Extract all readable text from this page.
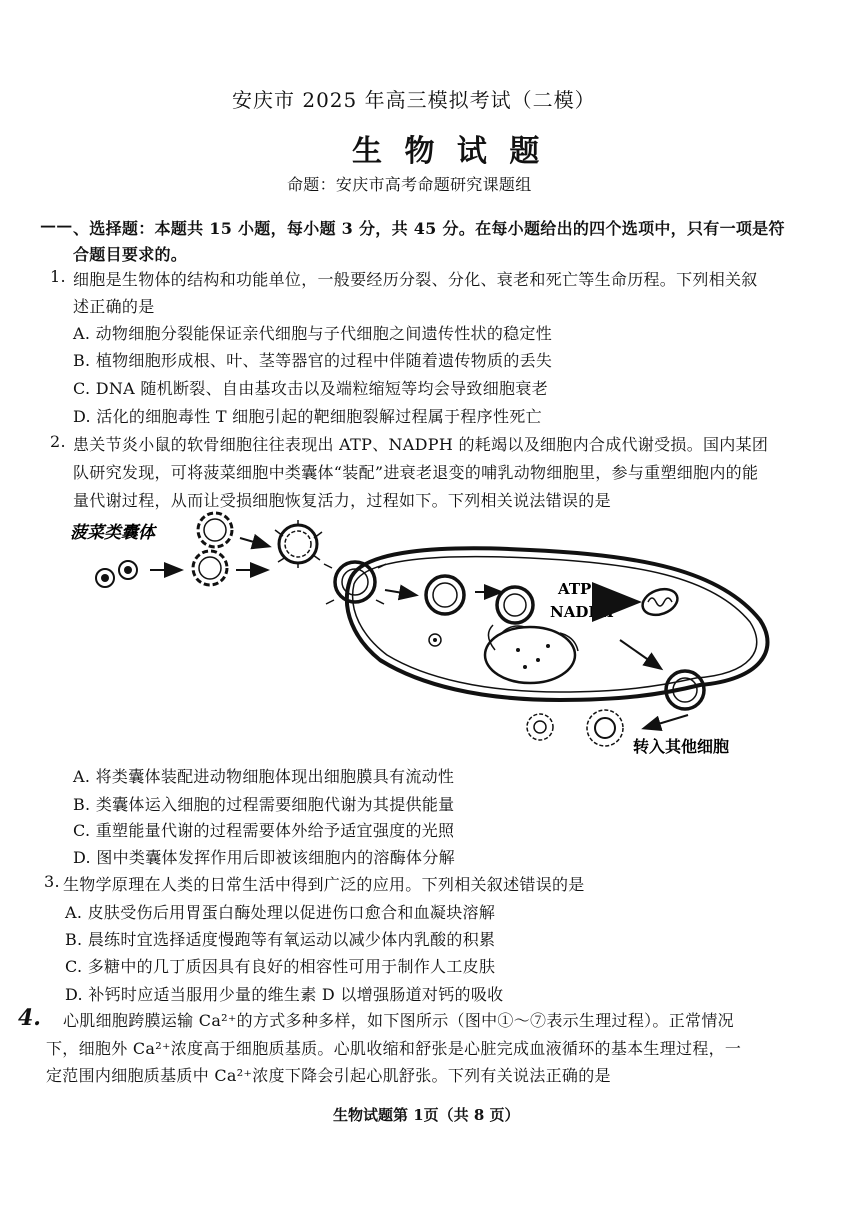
安庆市 2025 年高三模拟考试（二模）
生 物 试 题
命题：安庆市高考命题研究课题组
—— 、选择题：本题共 15 小题，每小题 3 分，共 45 分。在每小题给出的四个选项中，只有一项是符
合题目要求的。
1. 细胞是生物体的结构和功能单位，一般要经历分裂、分化、衰老和死亡等生命历程。下列相关叙
述正确的是
A. 动物细胞分裂能保证亲代细胞与子代细胞之间遗传性状的稳定性
B. 植物细胞形成根、叶、茎等器官的过程中伴随着遗传物质的丢失
C. DNA 随机断裂、自由基攻击以及端粒缩短等均会导致细胞衰老
D. 活化的细胞毒性 T 细胞引起的靶细胞裂解过程属于程序性死亡
2. 患关节炎小鼠的软骨细胞往往表现出 ATP、NADPH 的耗竭以及细胞内合成代谢受损。国内某团
队研究发现，可将菠菜细胞中类囊体“装配”进衰老退变的哺乳动物细胞里，参与重塑细胞内的能
量代谢过程，从而让受损细胞恢复活力，过程如下。下列相关说法错误的是
菠菜类囊体
ATP
NADPH
转入其他细胞
A. 将类囊体装配进动物细胞体现出细胞膜具有流动性
B. 类囊体运入细胞的过程需要细胞代谢为其提供能量
C. 重塑能量代谢的过程需要体外给予适宜强度的光照
D. 图中类囊体发挥作用后即被该细胞内的溶酶体分解
3. 生物学原理在人类的日常生活中得到广泛的应用。下列相关叙述错误的是
A. 皮肤受伤后用胃蛋白酶处理以促进伤口愈合和血凝块溶解
B. 晨练时宜选择适度慢跑等有氧运动以减少体内乳酸的积累
C. 多糖中的几丁质因具有良好的相容性可用于制作人工皮肤
D. 补钙时应适当服用少量的维生素 D 以增强肠道对钙的吸收
4. 心肌细胞跨膜运输 Ca²⁺的方式多种多样，如下图所示（图中①～⑦表示生理过程）。正常情况
下，细胞外 Ca²⁺浓度高于细胞质基质。心肌收缩和舒张是心脏完成血液循环的基本生理过程，一
定范围内细胞质基质中 Ca²⁺浓度下降会引起心肌舒张。下列有关说法正确的是
生物试题第 1页（共 8 页）
